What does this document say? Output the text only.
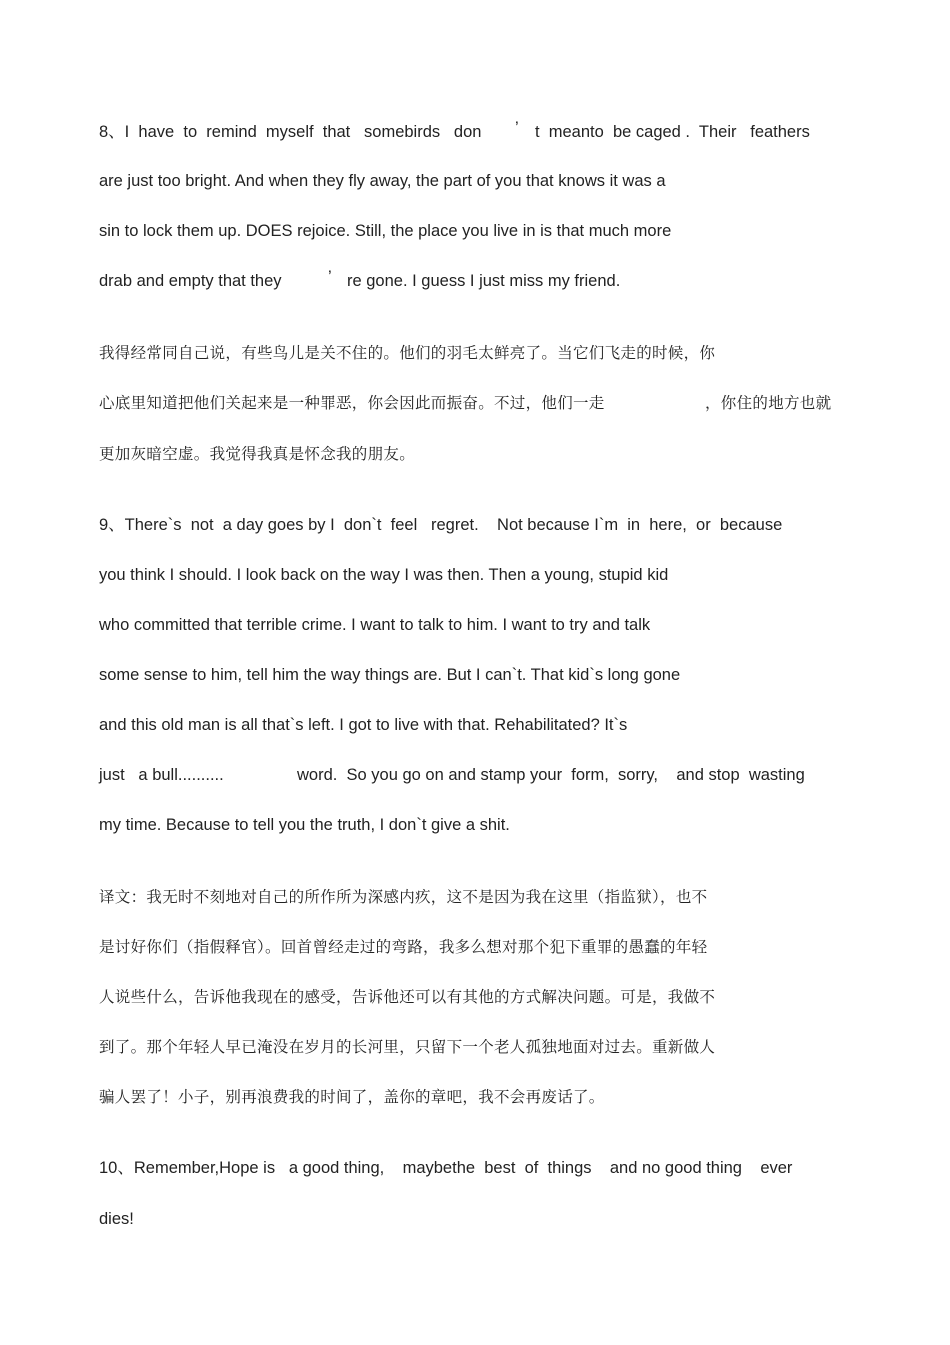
8、I  have  to  remind  myself  that   somebirds   don ’ t  meanto  be caged .  Their   feathers
are just too bright. And when they fly away, the part of you that knows it was a
sin to lock them up. DOES rejoice. Still, the place you live in is that much more
drab and empty that they	’ re gone. I guess I just miss my friend.
我得经常同自己说，有些鸟儿是关不住的。他们的羽毛太鲜亮了。当它们飞走的时候，你
心底里知道把他们关起来是一种罪恶，你会因此而振奋。不过，他们一走	，你住的地方也就
更加灰暗空虚。我觉得我真是怀念我的朋友。
9、There`s  not  a day goes by I  don`t  feel   regret.    Not because I`m  in  here,  or  because
you think I should. I look back on the way I was then. Then a young, stupid kid
who committed that terrible crime. I want to talk to him. I want to try and talk
some sense to him, tell him the way things are. But I can`t. That kid`s long gone
and this old man is all that`s left. I got to live with that. Rehabilitated? It`s
just   a bull..........	word.  So you go on and stamp your  form,  sorry,    and stop  wasting
my time. Because to tell you the truth, I don`t give a shit.
译文：我无时不刻地对自己的所作所为深感内疚，这不是因为我在这里（指监狱），也不
是讨好你们（指假释官）。回首曾经走过的弯路，我多么想对那个犯下重罪的愚蠢的年轻
人说些什么，告诉他我现在的感受，告诉他还可以有其他的方式解决问题。可是，我做不
到了。那个年轻人早已淹没在岁月的长河里，只留下一个老人孤独地面对过去。重新做人
骗人罢了！小子，别再浪费我的时间了，盖你的章吧，我不会再废话了。
10、Remember,Hope is   a good thing,    maybethe  best  of  things    and no good thing    ever
dies!
